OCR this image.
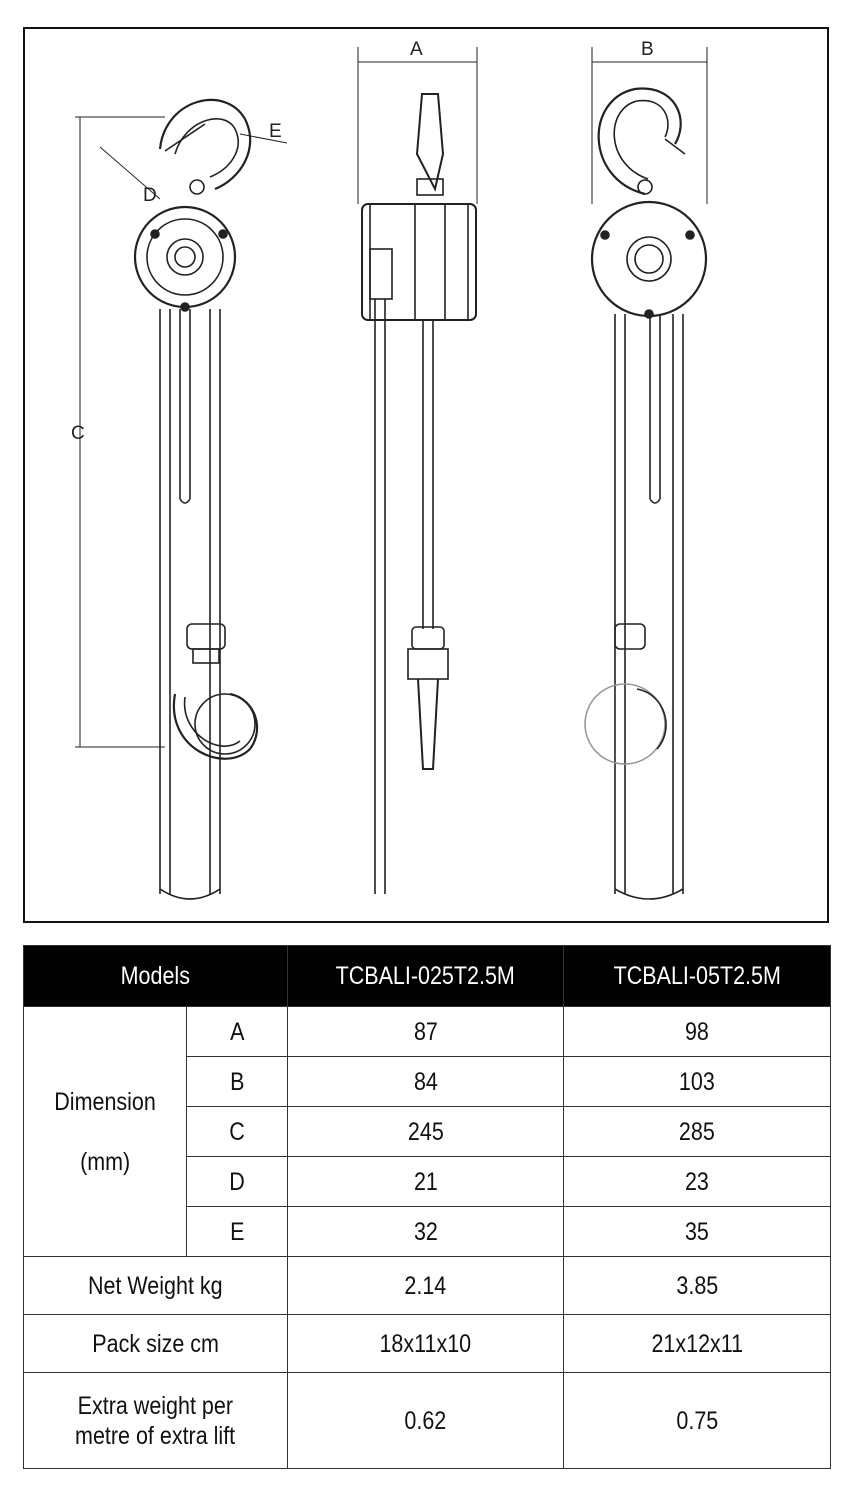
A	B
C
D
E
Models		TCBALI-025T2.5M	TCBALI-05T2.5M
Dimension

(mm)	A	87	98
	B	84	103
	C	245	285
	D	21	23
	E	32	35
Net Weight kg		2.14	3.85
Pack size cm		18x11x10	21x12x11
Extra weight per
metre of extra lift		0.62	0.75
